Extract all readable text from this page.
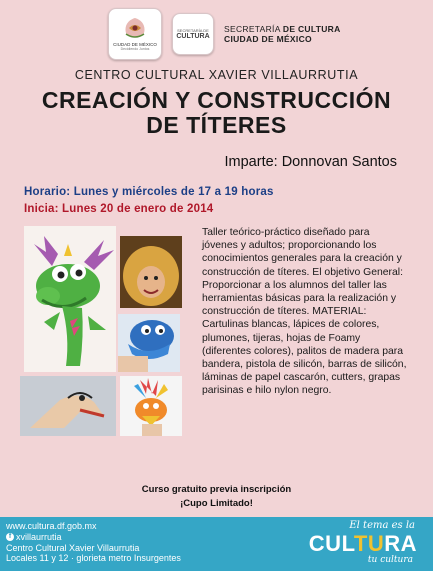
CIUDAD DE MÉXICO
Decidiendo Juntos
SECRETARÍA DE
CULTURA
SECRETARÍA DE CULTURA
CIUDAD DE MÉXICO
CENTRO CULTURAL XAVIER VILLAURRUTIA
CREACIÓN Y CONSTRUCCIÓN
DE TÍTERES
Imparte: Donnovan Santos
Horario: Lunes y miércoles de 17 a 19 horas
Inicia: Lunes 20 de enero de 2014
Taller teórico-práctico diseñado para jóvenes y adultos; proporcionando los conocimientos generales para la creación y construcción de títeres. El objetivo General: Proporcionar a los alumnos del taller las herramientas básicas para la realización y construcción de títeres. MATERIAL: Cartulinas blancas, lápices de colores, plumones, tijeras, hojas de Foamy (diferentes colores), palitos de madera para bandera, pistola de silicón, barras de silicón, láminas de papel cascarón, cutters, grapas parisinas e hilo nylon negro.
Curso gratuito previa inscripción
¡Cupo Limitado!
www.cultura.df.gob.mx
f xvillaurrutia
Centro Cultural Xavier Villaurrutia
Locales 11 y 12 · glorieta metro Insurgentes
El tema es la
CULTURA
tu cultura
